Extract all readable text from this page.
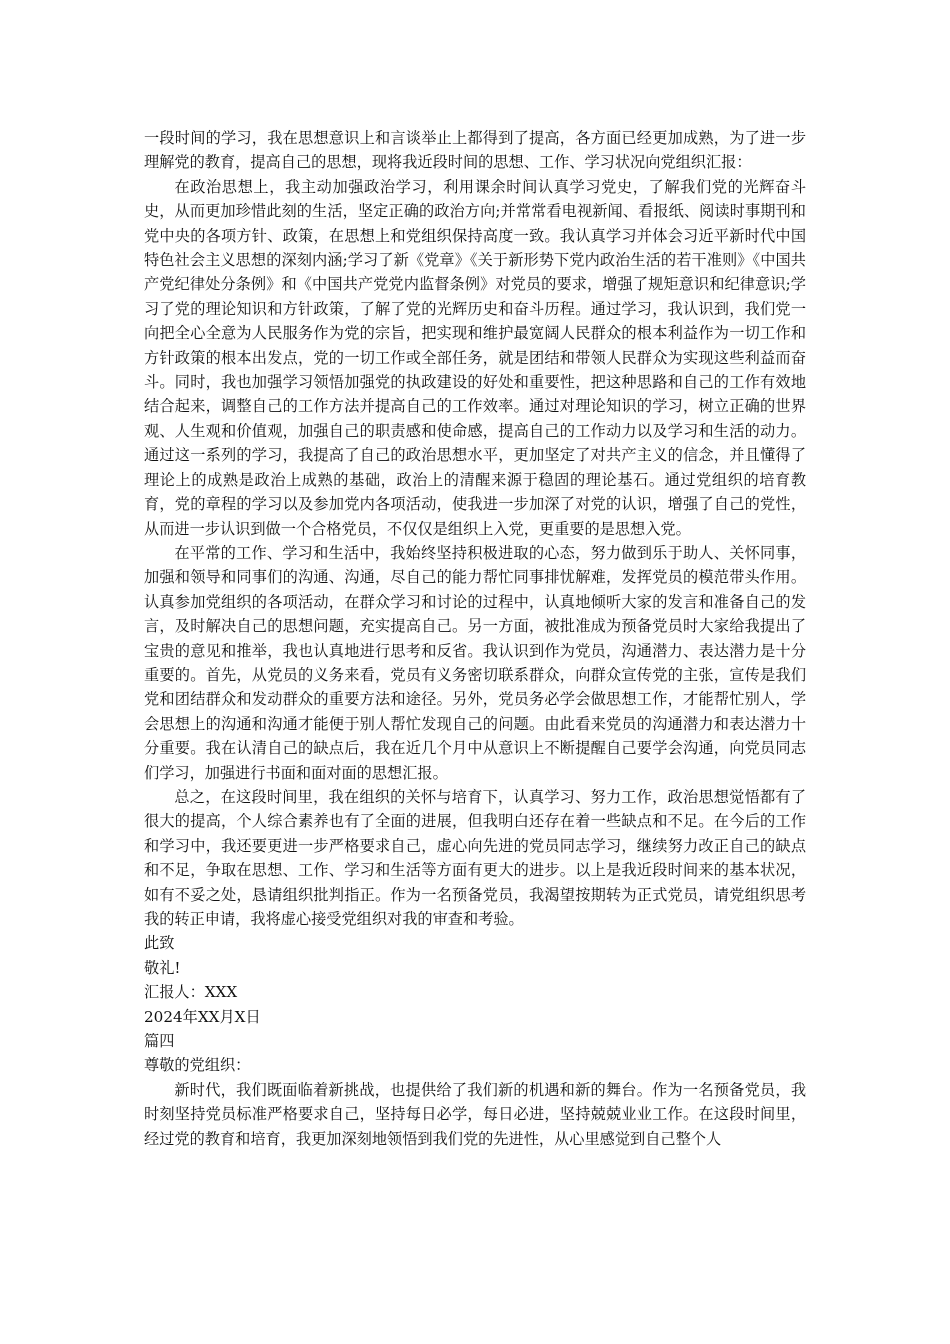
一段时间的学习，我在思想意识上和言谈举止上都得到了提高，各方面已经更加成熟，为了进一步理解党的教育，提高自己的思想，现将我近段时间的思想、工作、学习状况向党组织汇报：

在政治思想上，我主动加强政治学习，利用课余时间认真学习党史，了解我们党的光辉奋斗史，从而更加珍惜此刻的生活，坚定正确的政治方向;并常常看电视新闻、看报纸、阅读时事期刊和党中央的各项方针、政策，在思想上和党组织保持高度一致。我认真学习并体会习近平新时代中国特色社会主义思想的深刻内涵;学习了新《党章》《关于新形势下党内政治生活的若干准则》《中国共产党纪律处分条例》和《中国共产党党内监督条例》对党员的要求，增强了规矩意识和纪律意识;学习了党的理论知识和方针政策，了解了党的光辉历史和奋斗历程。通过学习，我认识到，我们党一向把全心全意为人民服务作为党的宗旨，把实现和维护最宽阔人民群众的根本利益作为一切工作和方针政策的根本出发点，党的一切工作或全部任务，就是团结和带领人民群众为实现这些利益而奋斗。同时，我也加强学习领悟加强党的执政建设的好处和重要性，把这种思路和自己的工作有效地结合起来，调整自己的工作方法并提高自己的工作效率。通过对理论知识的学习，树立正确的世界观、人生观和价值观，加强自己的职责感和使命感，提高自己的工作动力以及学习和生活的动力。通过这一系列的学习，我提高了自己的政治思想水平，更加坚定了对共产主义的信念，并且懂得了理论上的成熟是政治上成熟的基础，政治上的清醒来源于稳固的理论基石。通过党组织的培育教育，党的章程的学习以及参加党内各项活动，使我进一步加深了对党的认识，增强了自己的党性，从而进一步认识到做一个合格党员，不仅仅是组织上入党，更重要的是思想入党。

在平常的工作、学习和生活中，我始终坚持积极进取的心态，努力做到乐于助人、关怀同事，加强和领导和同事们的沟通、沟通，尽自己的能力帮忙同事排忧解难，发挥党员的模范带头作用。认真参加党组织的各项活动，在群众学习和讨论的过程中，认真地倾听大家的发言和准备自己的发言，及时解决自己的思想问题，充实提高自己。另一方面，被批准成为预备党员时大家给我提出了宝贵的意见和推举，我也认真地进行思考和反省。我认识到作为党员，沟通潜力、表达潜力是十分重要的。首先，从党员的义务来看，党员有义务密切联系群众，向群众宣传党的主张，宣传是我们党和团结群众和发动群众的重要方法和途径。另外，党员务必学会做思想工作，才能帮忙别人，学会思想上的沟通和沟通才能便于别人帮忙发现自己的问题。由此看来党员的沟通潜力和表达潜力十分重要。我在认清自己的缺点后，我在近几个月中从意识上不断提醒自己要学会沟通，向党员同志们学习，加强进行书面和面对面的思想汇报。

总之，在这段时间里，我在组织的关怀与培育下，认真学习、努力工作，政治思想觉悟都有了很大的提高，个人综合素养也有了全面的进展，但我明白还存在着一些缺点和不足。在今后的工作和学习中，我还要更进一步严格要求自己，虚心向先进的党员同志学习，继续努力改正自己的缺点和不足，争取在思想、工作、学习和生活等方面有更大的进步。以上是我近段时间来的基本状况，如有不妥之处，恳请组织批判指正。作为一名预备党员，我渴望按期转为正式党员，请党组织思考我的转正申请，我将虚心接受党组织对我的审查和考验。

此致

敬礼!

汇报人：XXX

2024年XX月X日

篇四

尊敬的党组织：

新时代，我们既面临着新挑战，也提供给了我们新的机遇和新的舞台。作为一名预备党员，我时刻坚持党员标准严格要求自己，坚持每日必学，每日必进，坚持兢兢业业工作。在这段时间里，经过党的教育和培育，我更加深刻地领悟到我们党的先进性，从心里感觉到自己整个人
